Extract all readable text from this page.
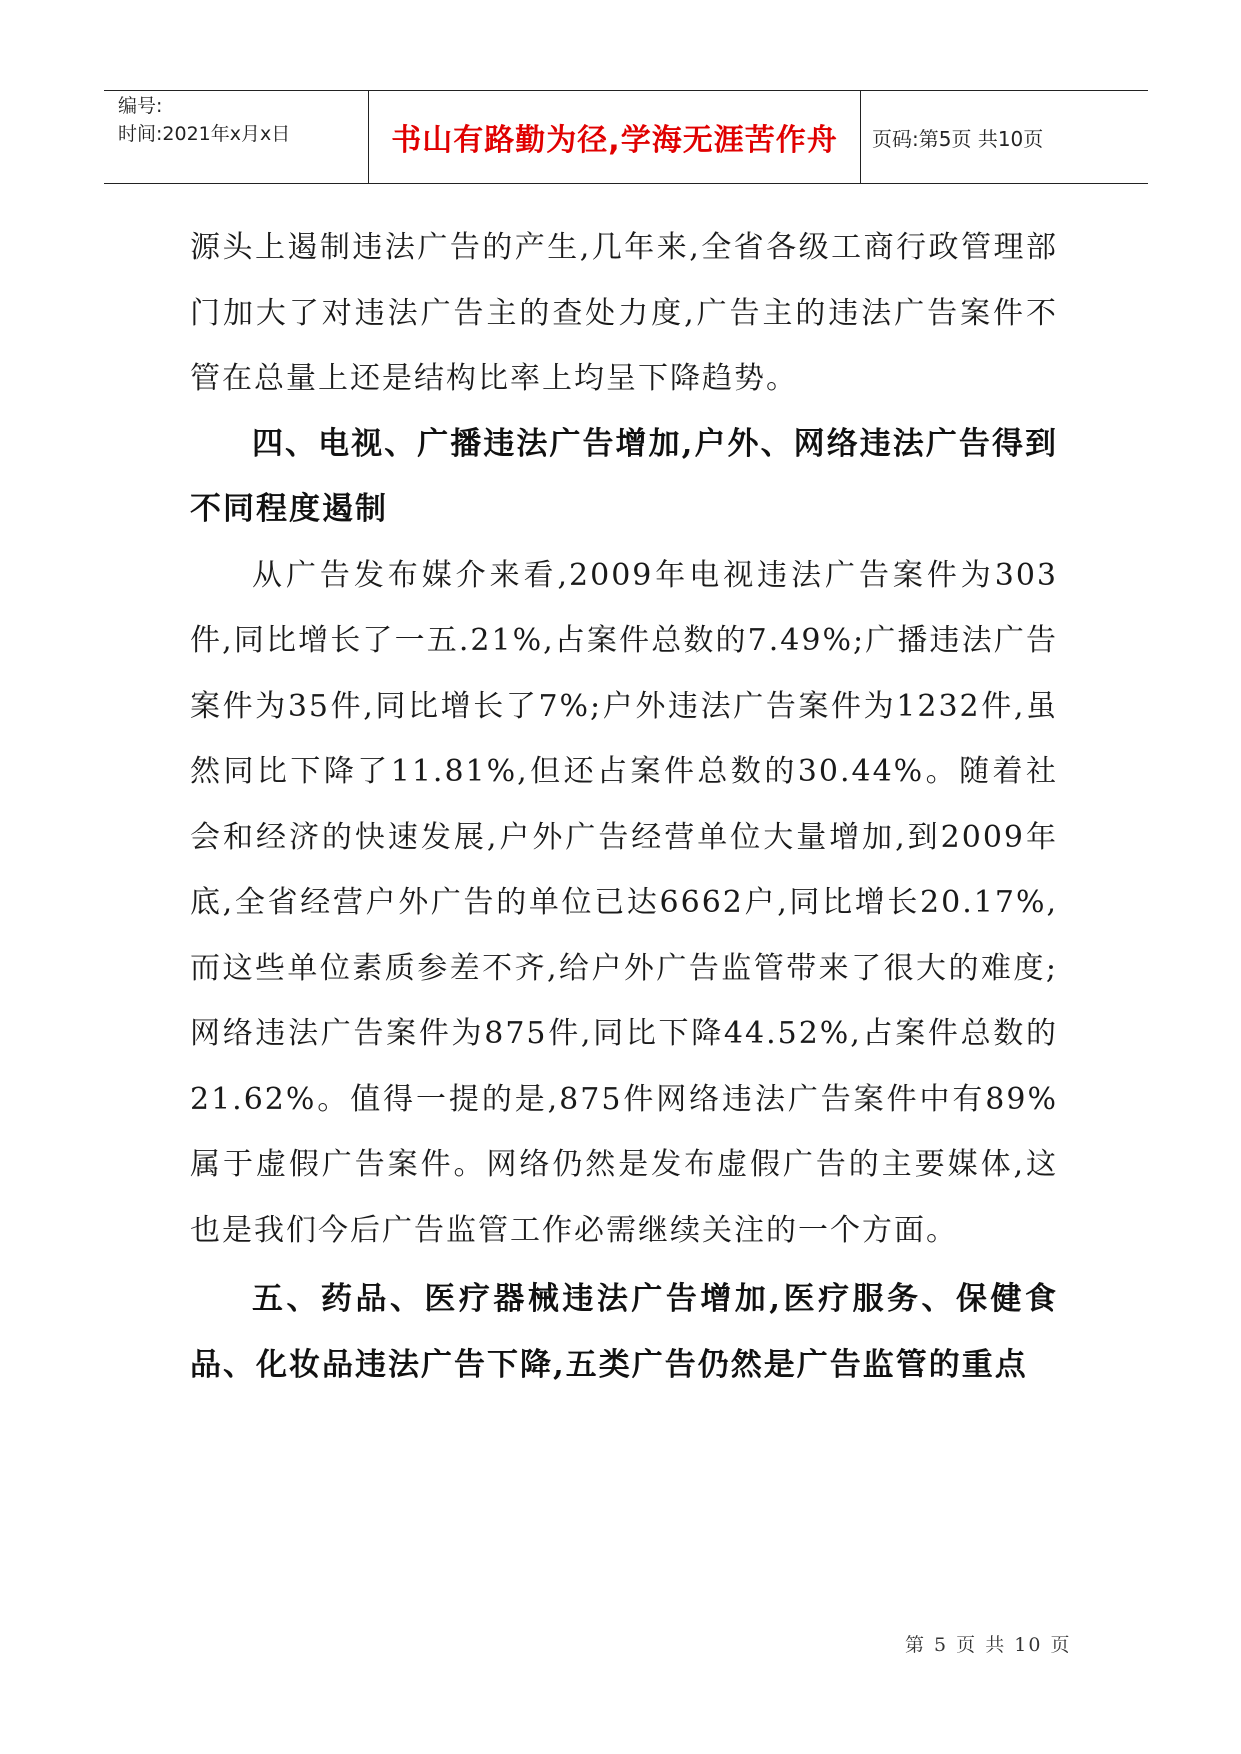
编号:
时间:2021年x月x日	书山有路勤为径,学海无涯苦作舟	页码:第5页 共10页

源头上遏制违法广告的产生,几年来,全省各级工商行政管理部门加大了对违法广告主的查处力度,广告主的违法广告案件不管在总量上还是结构比率上均呈下降趋势。

四、电视、广播违法广告增加,户外、网络违法广告得到不同程度遏制

从广告发布媒介来看,2009年电视违法广告案件为303件,同比增长了一五.21%,占案件总数的7.49%;广播违法广告案件为35件,同比增长了7%;户外违法广告案件为1232件,虽然同比下降了11.81%,但还占案件总数的30.44%。随着社会和经济的快速发展,户外广告经营单位大量增加,到2009年底,全省经营户外广告的单位已达6662户,同比增长20.17%,而这些单位素质参差不齐,给户外广告监管带来了很大的难度;网络违法广告案件为875件,同比下降44.52%,占案件总数的21.62%。值得一提的是,875件网络违法广告案件中有89%属于虚假广告案件。网络仍然是发布虚假广告的主要媒体,这也是我们今后广告监管工作必需继续关注的一个方面。

五、药品、医疗器械违法广告增加,医疗服务、保健食品、化妆品违法广告下降,五类广告仍然是广告监管的重点

第 5 页 共 10 页
